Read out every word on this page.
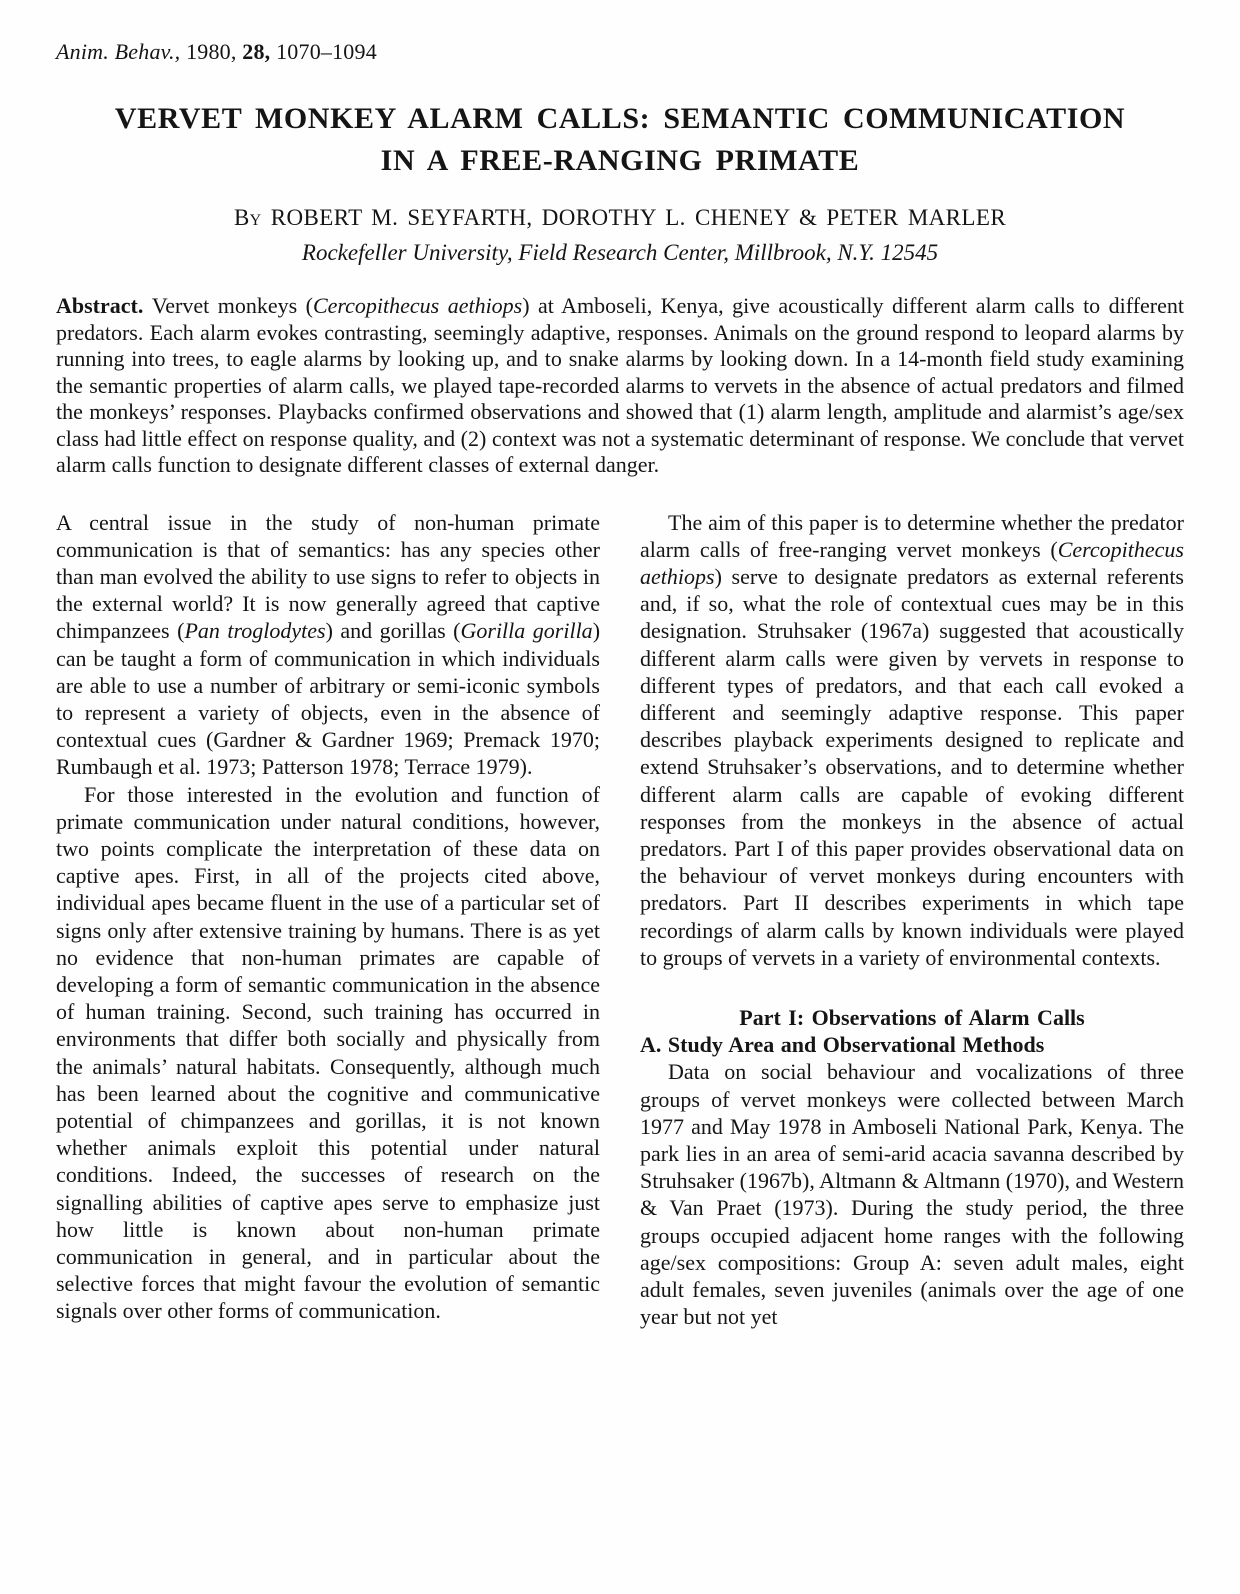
Anim. Behav., 1980, 28, 1070–1094
VERVET MONKEY ALARM CALLS: SEMANTIC COMMUNICATION
IN A FREE-RANGING PRIMATE
By ROBERT M. SEYFARTH, DOROTHY L. CHENEY & PETER MARLER
Rockefeller University, Field Research Center, Millbrook, N.Y. 12545

Abstract. Vervet monkeys (Cercopithecus aethiops) at Amboseli, Kenya, give acoustically different alarm calls to different predators. Each alarm evokes contrasting, seemingly adaptive, responses. Animals on the ground respond to leopard alarms by running into trees, to eagle alarms by looking up, and to snake alarms by looking down. In a 14-month field study examining the semantic properties of alarm calls, we played tape-recorded alarms to vervets in the absence of actual predators and filmed the monkeys’ responses. Playbacks confirmed observations and showed that (1) alarm length, amplitude and alarmist’s age/sex class had little effect on response quality, and (2) context was not a systematic determinant of response. We conclude that vervet alarm calls function to designate different classes of external danger.

A central issue in the study of non-human primate communication is that of semantics: has any species other than man evolved the ability to use signs to refer to objects in the external world? It is now generally agreed that captive chimpanzees (Pan troglodytes) and gorillas (Gorilla gorilla) can be taught a form of communication in which individuals are able to use a number of arbitrary or semi-iconic symbols to represent a variety of objects, even in the absence of contextual cues (Gardner & Gardner 1969; Premack 1970; Rumbaugh et al. 1973; Patterson 1978; Terrace 1979).

For those interested in the evolution and function of primate communication under natural conditions, however, two points complicate the interpretation of these data on captive apes. First, in all of the projects cited above, individual apes became fluent in the use of a particular set of signs only after extensive training by humans. There is as yet no evidence that non-human primates are capable of developing a form of semantic communication in the absence of human training. Second, such training has occurred in environments that differ both socially and physically from the animals’ natural habitats. Consequently, although much has been learned about the cognitive and communicative potential of chimpanzees and gorillas, it is not known whether animals exploit this potential under natural conditions. Indeed, the successes of research on the signalling abilities of captive apes serve to emphasize just how little is known about non-human primate communication in general, and in particular about the selective forces that might favour the evolution of semantic signals over other forms of communication.

The aim of this paper is to determine whether the predator alarm calls of free-ranging vervet monkeys (Cercopithecus aethiops) serve to designate predators as external referents and, if so, what the role of contextual cues may be in this designation. Struhsaker (1967a) suggested that acoustically different alarm calls were given by vervets in response to different types of predators, and that each call evoked a different and seemingly adaptive response. This paper describes playback experiments designed to replicate and extend Struhsaker’s observations, and to determine whether different alarm calls are capable of evoking different responses from the monkeys in the absence of actual predators. Part I of this paper provides observational data on the behaviour of vervet monkeys during encounters with predators. Part II describes experiments in which tape recordings of alarm calls by known individuals were played to groups of vervets in a variety of environmental contexts.

Part I: Observations of Alarm Calls
A. Study Area and Observational Methods

Data on social behaviour and vocalizations of three groups of vervet monkeys were collected between March 1977 and May 1978 in Amboseli National Park, Kenya. The park lies in an area of semi-arid acacia savanna described by Struhsaker (1967b), Altmann & Altmann (1970), and Western & Van Praet (1973). During the study period, the three groups occupied adjacent home ranges with the following age/sex compositions: Group A: seven adult males, eight adult females, seven juveniles (animals over the age of one year but not yet
